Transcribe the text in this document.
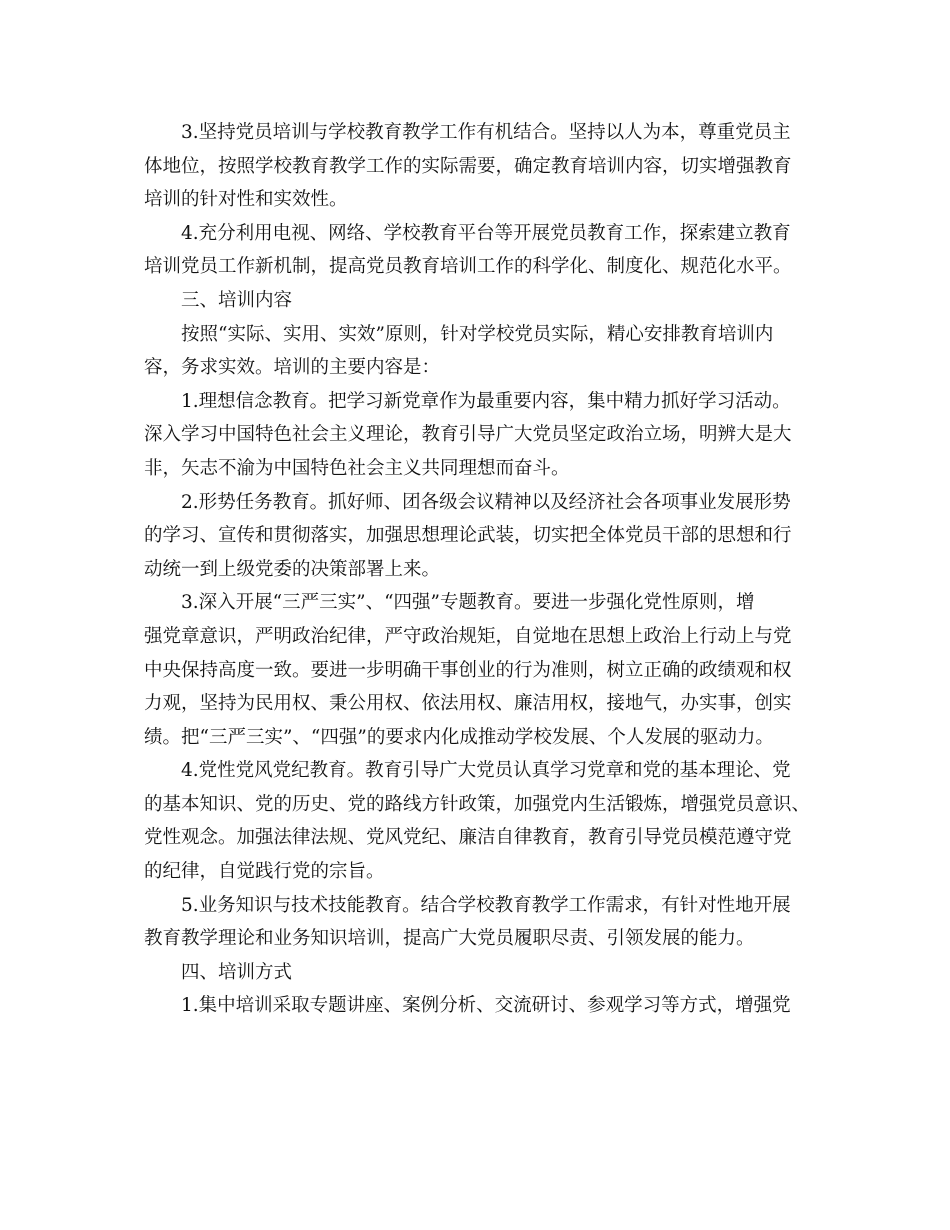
3.坚持党员培训与学校教育教学工作有机结合。坚持以人为本，尊重党员主
体地位，按照学校教育教学工作的实际需要，确定教育培训内容，切实增强教育
培训的针对性和实效性。
4.充分利用电视、网络、学校教育平台等开展党员教育工作，探索建立教育
培训党员工作新机制，提高党员教育培训工作的科学化、制度化、规范化水平。
三、培训内容
按照“实际、实用、实效”原则，针对学校党员实际，精心安排教育培训内
容，务求实效。培训的主要内容是：
1.理想信念教育。把学习新党章作为最重要内容，集中精力抓好学习活动。
深入学习中国特色社会主义理论，教育引导广大党员坚定政治立场，明辨大是大
非，矢志不渝为中国特色社会主义共同理想而奋斗。
2.形势任务教育。抓好师、团各级会议精神以及经济社会各项事业发展形势
的学习、宣传和贯彻落实，加强思想理论武装，切实把全体党员干部的思想和行
动统一到上级党委的决策部署上来。
3.深入开展“三严三实”、“四强”专题教育。要进一步强化党性原则，增
强党章意识，严明政治纪律，严守政治规矩，自觉地在思想上政治上行动上与党
中央保持高度一致。要进一步明确干事创业的行为准则，树立正确的政绩观和权
力观，坚持为民用权、秉公用权、依法用权、廉洁用权，接地气，办实事，创实
绩。把“三严三实”、“四强”的要求内化成推动学校发展、个人发展的驱动力。
4.党性党风党纪教育。教育引导广大党员认真学习党章和党的基本理论、党
的基本知识、党的历史、党的路线方针政策，加强党内生活锻炼，增强党员意识、
党性观念。加强法律法规、党风党纪、廉洁自律教育，教育引导党员模范遵守党
的纪律，自觉践行党的宗旨。
5.业务知识与技术技能教育。结合学校教育教学工作需求，有针对性地开展
教育教学理论和业务知识培训，提高广大党员履职尽责、引领发展的能力。
四、培训方式
1.集中培训采取专题讲座、案例分析、交流研讨、参观学习等方式，增强党
